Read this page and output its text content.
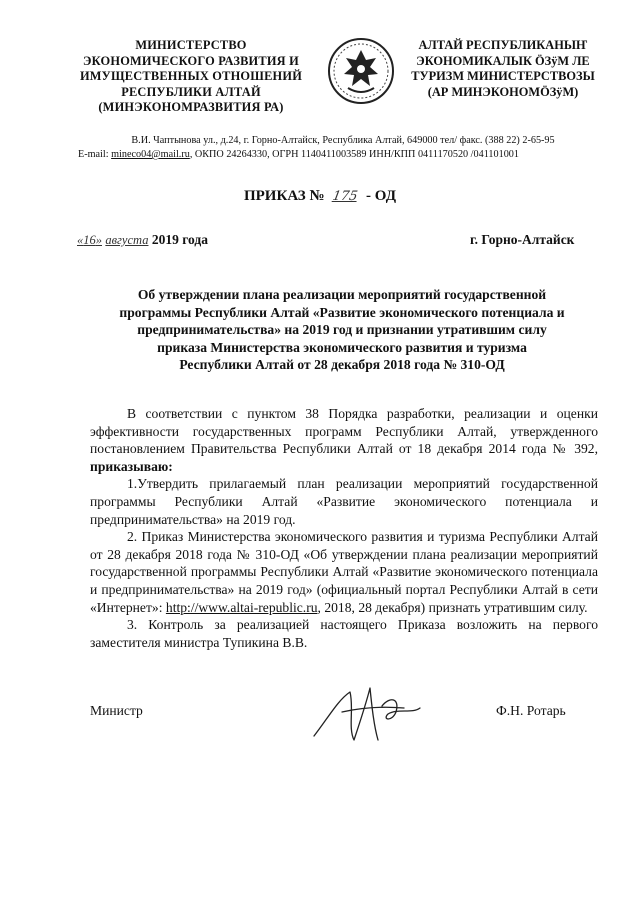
МИНИСТЕРСТВО
ЭКОНОМИЧЕСКОГО РАЗВИТИЯ И
ИМУЩЕСТВЕННЫХ ОТНОШЕНИЙ
РЕСПУБЛИКИ АЛТАЙ
(МИНЭКОНОМРАЗВИТИЯ РА)
АЛТАЙ РЕСПУБЛИКАНЫҤ
ЭКОНОМИКАЛЫК ÖЗÿМ ЛЕ
ТУРИЗМ МИНИСТЕРСТВОЗЫ
(АР МИНЭКОНОМÖЗÿМ)
В.И. Чаптынова ул., д.24, г. Горно-Алтайск, Республика Алтай, 649000 тел/ факс. (388 22) 2-65-95
E-mail: mineco04@mail.ru, ОКПО 24264330, ОГРН 1140411003589 ИНН/КПП 0411170520 /041101001
ПРИКАЗ № 175 - ОД
«16» августа 2019 года	г. Горно-Алтайск
Об утверждении плана реализации мероприятий государственной
программы Республики Алтай «Развитие экономического потенциала и
предпринимательства» на 2019 год и признании утратившим силу
приказа Министерства экономического развития и туризма
Республики Алтай от 28 декабря 2018 года № 310-ОД

В соответствии с пунктом 38 Порядка разработки, реализации и оценки эффективности государственных программ Республики Алтай, утвержденного постановлением Правительства Республики Алтай от 18 декабря 2014 года № 392, приказываю:

1.Утвердить прилагаемый план реализации мероприятий государственной программы Республики Алтай «Развитие экономического потенциала и предпринимательства» на 2019 год.

2. Приказ Министерства экономического развития и туризма Республики Алтай от 28 декабря 2018 года № 310-ОД «Об утверждении плана реализации мероприятий государственной программы Республики Алтай «Развитие экономического потенциала и предпринимательства» на 2019 год» (официальный портал Республики Алтай в сети «Интернет»: http://www.altai-republic.ru, 2018, 28 декабря) признать утратившим силу.

3. Контроль за реализацией настоящего Приказа возложить на первого заместителя министра Тупикина В.В.

Министр	Ф.Н. Ротарь
